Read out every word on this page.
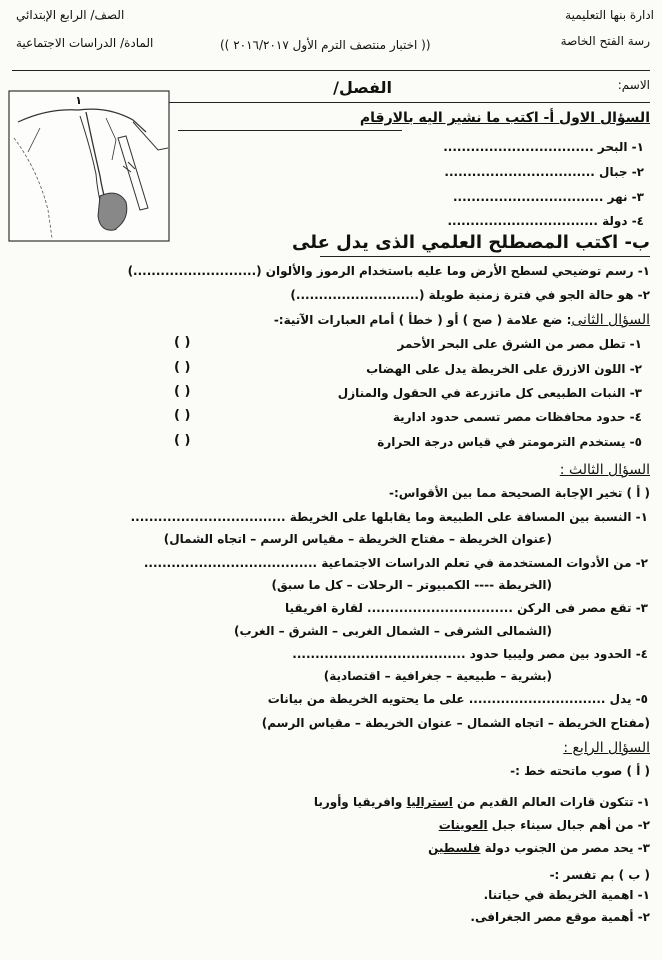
ادارة بنها التعليمية
رسة الفتح الخاصة
الصف/ الرابع الإبتدائي
المادة/ الدراسات الاجتماعية	(( اختبار منتصف الترم الأول ٢٠١٦/٢٠١٧ ))
الاسم:
الفصل/
١
السؤال الاول أ- اكتب ما نشير اليه بالارقام
١- البحر .................................
٢- جبال .................................
٣- نهر .................................
٤- دولة .................................
ب- اكتب المصطلح العلمي الذى يدل على
١- رسم توضيحي لسطح الأرض وما عليه باستخدام الرموز والألوان (...........................)
٢- هو حالة الجو في فترة زمنية طويلة (...........................)
السؤال الثانى: ضع علامة ( صح ) أو ( خطأ ) أمام العبارات الآتية:-
١- تطل مصر من الشرق على البحر الأحمر
( )
٢- اللون الازرق على الخريطة يدل على الهضاب
( )
٣- النبات الطبيعى كل ماتزرعة في الحقول والمنازل
( )
٤- حدود محافظات مصر تسمى حدود ادارية
( )
٥- يستخدم الترمومتر في قياس درجة الحرارة
( )
السؤال الثالث :
( أ ) تخير الإجابة الصحيحة مما بين الأقواس:-
١- النسبة بين المسافة على الطبيعة وما يقابلها على الخريطة ..................................
(عنوان الخريطة – مفتاح الخريطة – مقياس الرسم – اتجاه الشمال)
٢- من الأدوات المستخدمة في تعلم الدراسات الاجتماعية ......................................
(الخريطة ---- الكمبيوتر – الرحلات – كل ما سبق)
٣- تقع مصر فى الركن ................................ لقارة افريقيا
(الشمالى الشرقى – الشمال الغربى – الشرق – الغرب)
٤- الحدود بين مصر وليبيا حدود ......................................
(بشرية – طبيعية – جغرافية – اقتصادية)
٥- يدل .............................. على ما يحتويه الخريطة من بيانات
(مفتاح الخريطة – اتجاه الشمال – عنوان الخريطة – مقياس الرسم)
السؤال الرابع :
( أ ) صوب ماتحته خط :-
١- تتكون قارات العالم القديم من استراليا وافريقيا وأوربا
٢- من أهم جبال سيناء جبل العوينات
٣- يحد مصر من الجنوب دولة فلسطين
( ب ) بم تفسر :-
١- اهمية الخريطة في حياتنا.
٢- أهمية موقع مصر الجغرافى.
